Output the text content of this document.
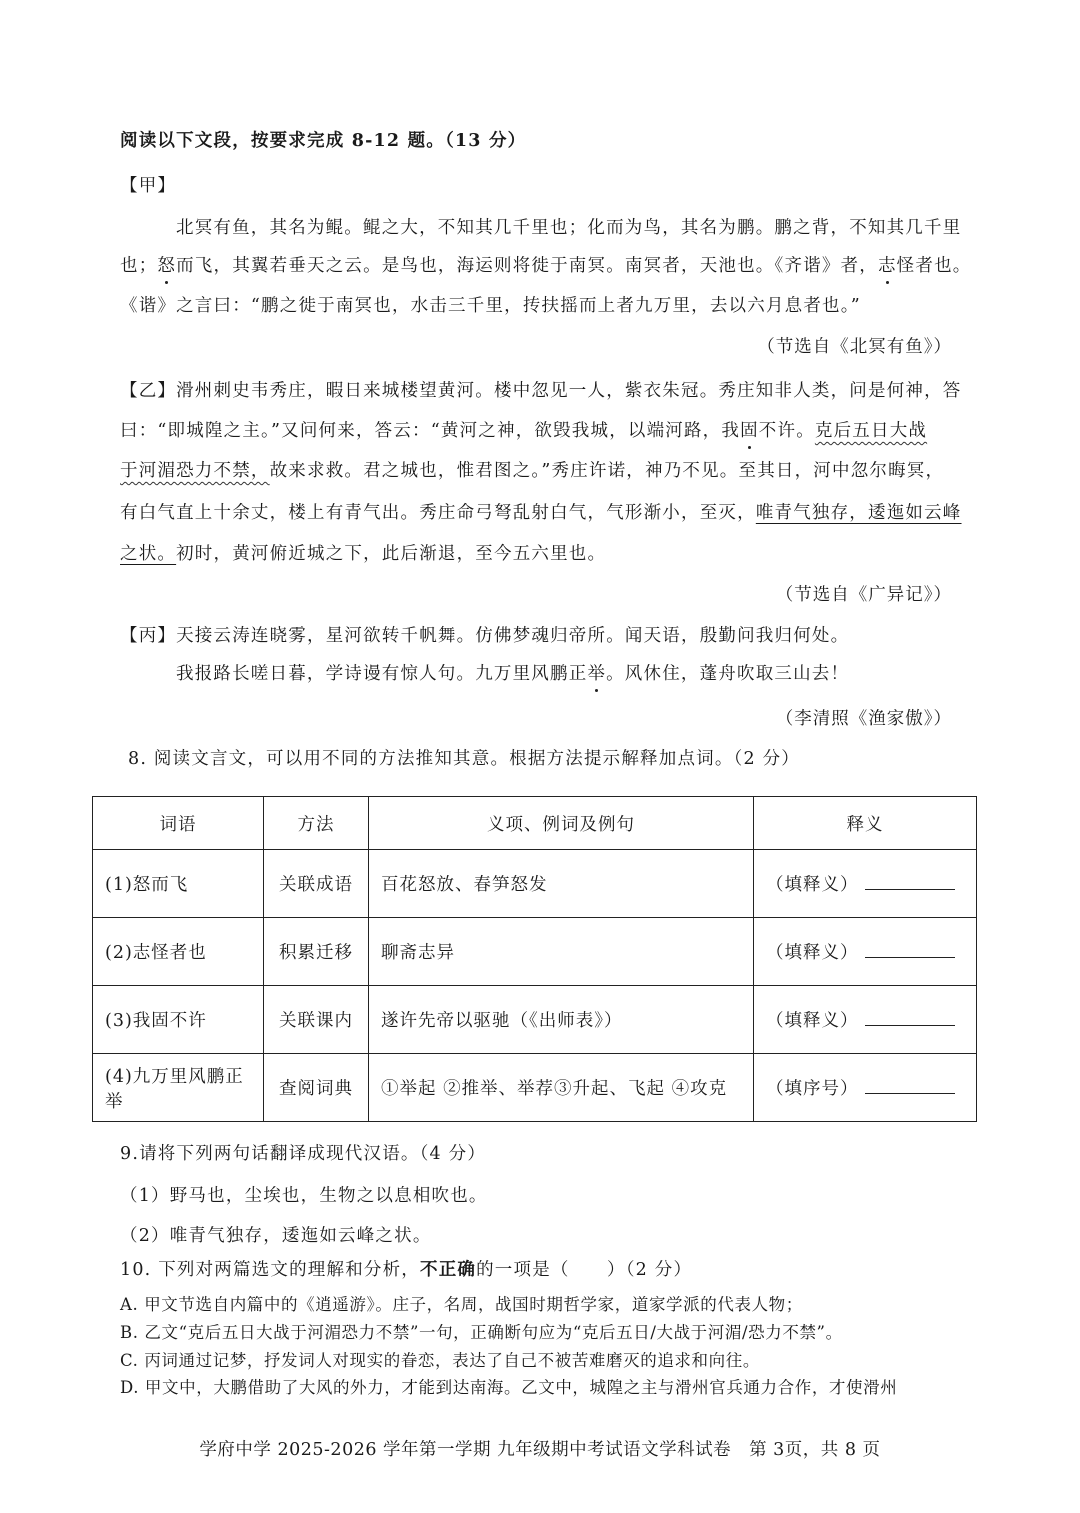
阅读以下文段，按要求完成 8-12 题。（13 分）
【甲】
北冥有鱼，其名为鲲。鲲之大，不知其几千里也；化而为鸟，其名为鹏。鹏之背，不知其几千里
也；怒而飞，其翼若垂天之云。是鸟也，海运则将徙于南冥。南冥者，天池也。《齐谐》者，志怪者也。
《谐》之言曰：“鹏之徙于南冥也，水击三千里，抟扶摇而上者九万里，去以六月息者也。”
（节选自《北冥有鱼》）
【乙】滑州刺史韦秀庄，暇日来城楼望黄河。楼中忽见一人，紫衣朱冠。秀庄知非人类，问是何神，答
曰：“即城隍之主。”又问何来，答云：“黄河之神，欲毁我城，以端河路，我固不许。克后五日大战
于河湄恐力不禁，故来求救。君之城也，惟君图之。”秀庄许诺，神乃不见。至其日，河中忽尔晦冥，
有白气直上十余丈，楼上有青气出。秀庄命弓弩乱射白气，气形渐小，至灭，唯青气独存，逶迤如云峰
之状。初时，黄河俯近城之下，此后渐退，至今五六里也。
（节选自《广异记》）
【丙】天接云涛连晓雾，星河欲转千帆舞。仿佛梦魂归帝所。闻天语，殷勤问我归何处。
我报路长嗟日暮，学诗谩有惊人句。九万里风鹏正举。风休住，蓬舟吹取三山去！
（李清照《渔家傲》）
8. 阅读文言文，可以用不同的方法推知其意。根据方法提示解释加点词。（2 分）
词语	方法	义项、例词及例句	释义
(1)怒而飞	关联成语	百花怒放、春笋怒发	（填释义）
(2)志怪者也	积累迁移	聊斋志异	（填释义）
(3)我固不许	关联课内	遂许先帝以驱驰（《出师表》）	（填释义）
(4)九万里风鹏正举	查阅词典	①举起 ②推举、举荐③升起、飞起 ④攻克	（填序号）
9.请将下列两句话翻译成现代汉语。（4 分）
（1）野马也，尘埃也，生物之以息相吹也。
（2）唯青气独存，逶迤如云峰之状。
10. 下列对两篇选文的理解和分析，不正确的一项是（　　）（2 分）
A. 甲文节选自内篇中的《逍遥游》。庄子，名周，战国时期哲学家，道家学派的代表人物；
B. 乙文“克后五日大战于河湄恐力不禁”一句，正确断句应为“克后五日/大战于河湄/恐力不禁”。
C. 丙词通过记梦，抒发词人对现实的眷恋，表达了自己不被苦难磨灭的追求和向往。
D. 甲文中，大鹏借助了大风的外力，才能到达南海。乙文中，城隍之主与滑州官兵通力合作，才使滑州
学府中学 2025-2026 学年第一学期 九年级期中考试语文学科试卷　第 3页，共 8 页
